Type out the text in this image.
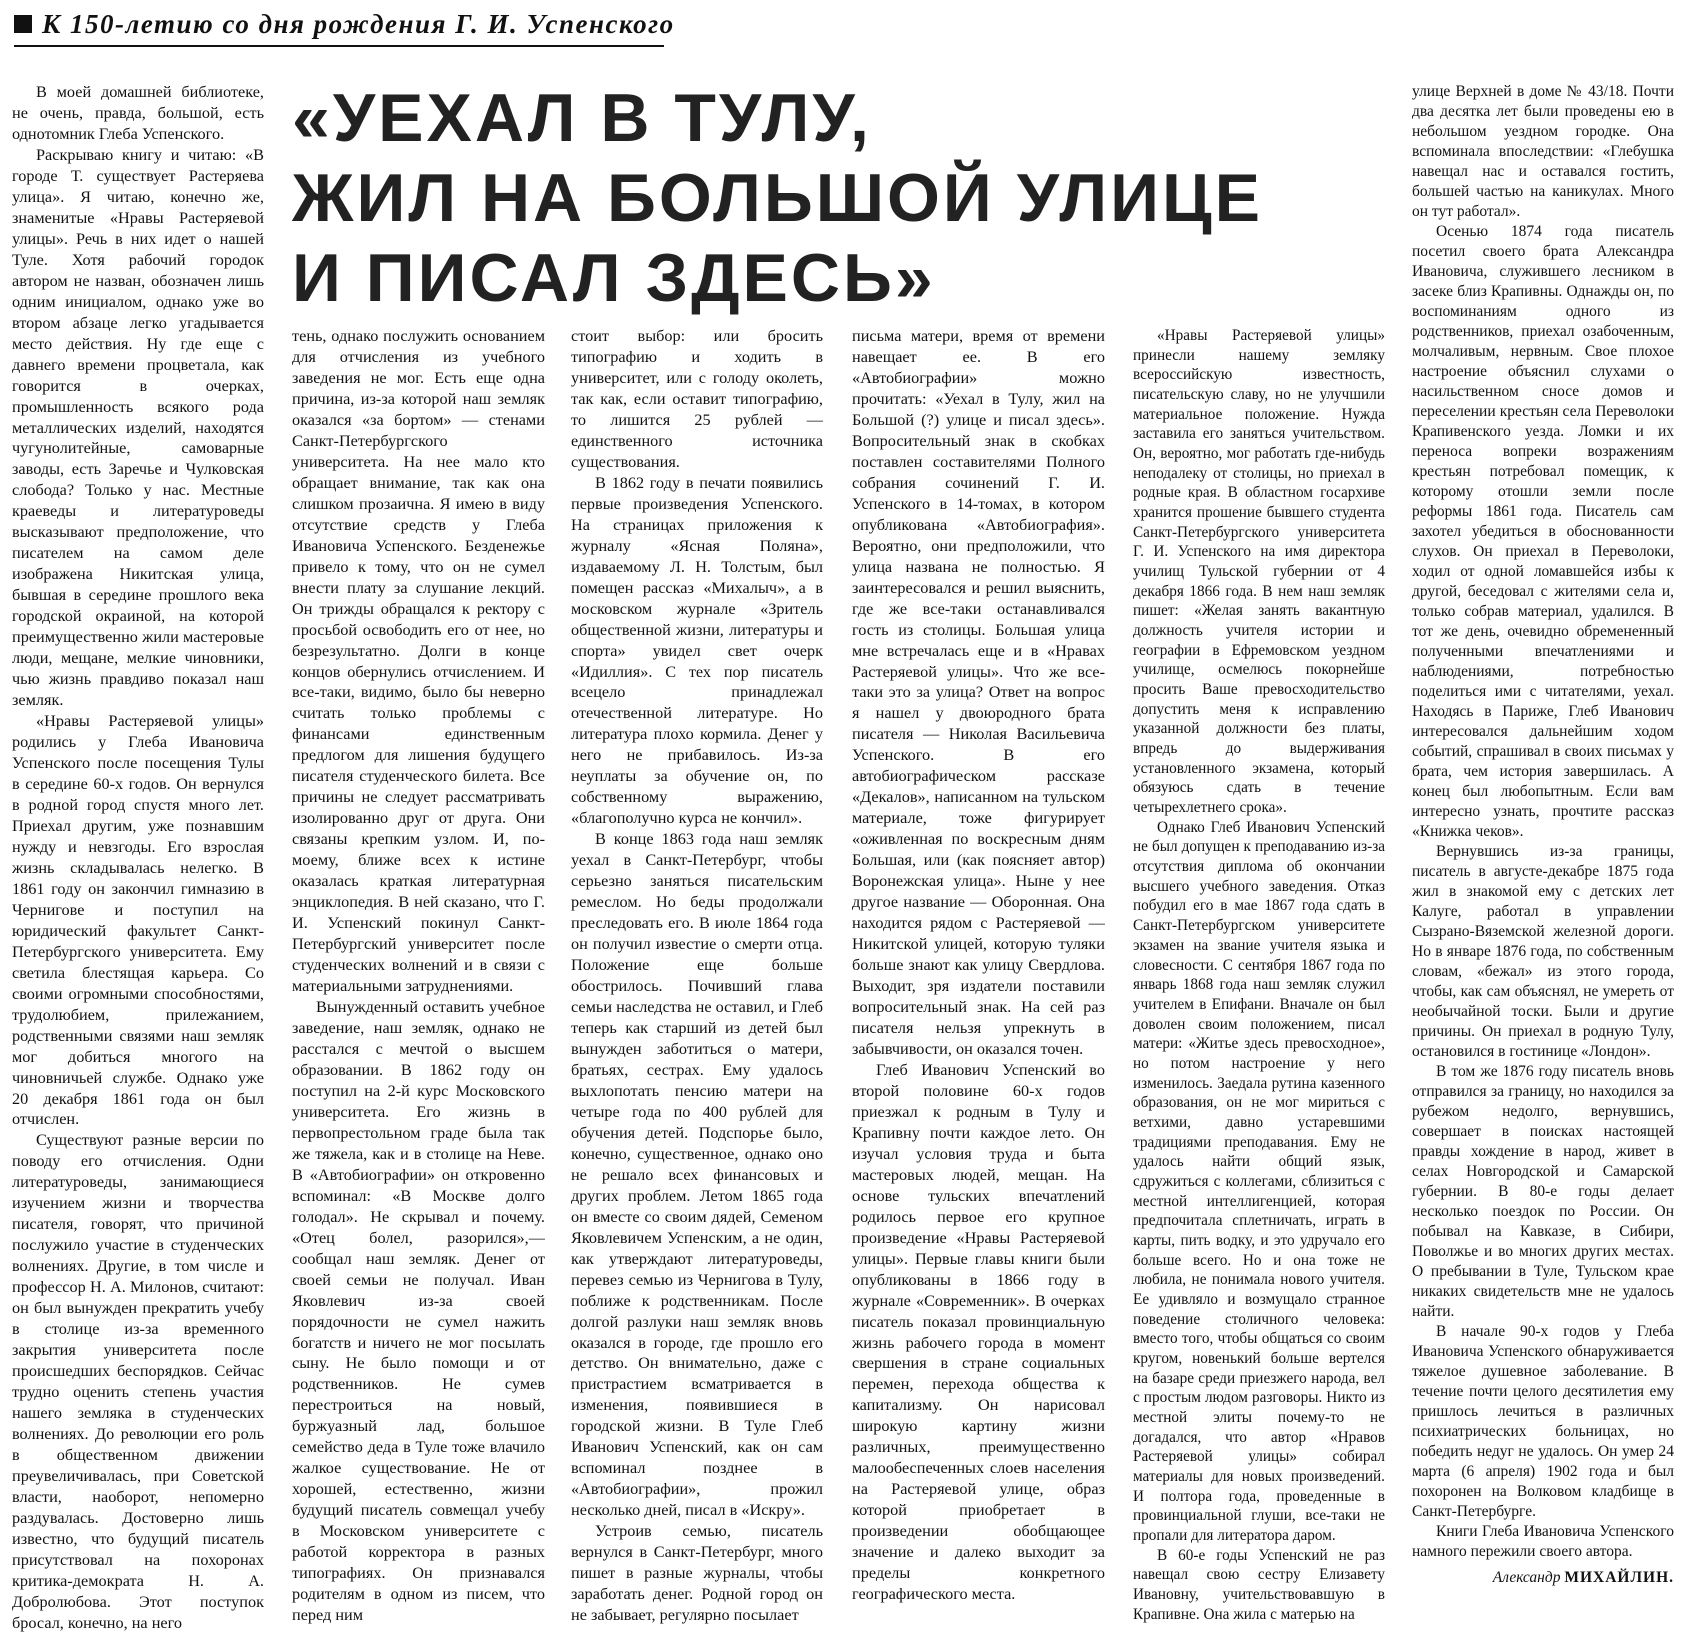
К 150-летию со дня рождения Г. И. Успенского
«УЕХАЛ В ТУЛУ,
ЖИЛ НА БОЛЬШОЙ УЛИЦЕ
И ПИСАЛ ЗДЕСЬ»

В моей домашней библиотеке, не очень, правда, большой, есть однотомник Глеба Успенского.

Раскрываю книгу и читаю: «В городе Т. существует Растеряева улица». Я читаю, конечно же, знаменитые «Нравы Растеряевой улицы». Речь в них идет о нашей Туле. Хотя рабочий городок автором не назван, обозначен лишь одним инициалом, однако уже во втором абзаце легко угадывается место действия. Ну где еще с давнего времени процветала, как говорится в очерках, промышленность всякого рода металлических изделий, находятся чугунолитейные, самоварные заводы, есть Заречье и Чулковская слобода? Только у нас. Местные краеведы и литературоведы высказывают предположение, что писателем на самом деле изображена Никитская улица, бывшая в середине прошлого века городской окраиной, на которой преимущественно жили мастеровые люди, мещане, мелкие чиновники, чью жизнь правдиво показал наш земляк.

«Нравы Растеряевой улицы» родились у Глеба Ивановича Успенского после посещения Тулы в середине 60-х годов. Он вернулся в родной город спустя много лет. Приехал другим, уже познавшим нужду и невзгоды. Его взрослая жизнь складывалась нелегко. В 1861 году он закончил гимназию в Чернигове и поступил на юридический факультет Санкт-Петербургского университета. Ему светила блестящая карьера. Со своими огромными способностями, трудолюбием, прилежанием, родственными связями наш земляк мог добиться многого на чиновничьей службе. Однако уже 20 декабря 1861 года он был отчислен.

Существуют разные версии по поводу его отчисления. Одни литературоведы, занимающиеся изучением жизни и творчества писателя, говорят, что причиной послужило участие в студенческих волнениях. Другие, в том числе и профессор Н. А. Милонов, считают: он был вынужден прекратить учебу в столице из-за временного закрытия университета после происшедших беспорядков. Сейчас трудно оценить степень участия нашего земляка в студенческих волнениях. До революции его роль в общественном движении преувеличивалась, при Советской власти, наоборот, непомерно раздувалась. Достоверно лишь известно, что будущий писатель присутствовал на похоронах критика-демократа Н. А. Добролюбова. Этот поступок бросал, конечно, на него

тень, однако послужить основанием для отчисления из учебного заведения не мог. Есть еще одна причина, из-за которой наш земляк оказался «за бортом» — стенами Санкт-Петербургского университета. На нее мало кто обращает внимание, так как она слишком прозаична. Я имею в виду отсутствие средств у Глеба Ивановича Успенского. Безденежье привело к тому, что он не сумел внести плату за слушание лекций. Он трижды обращался к ректору с просьбой освободить его от нее, но безрезультатно. Долги в конце концов обернулись отчислением. И все-таки, видимо, было бы неверно считать только проблемы с финансами единственным предлогом для лишения будущего писателя студенческого билета. Все причины не следует рассматривать изолированно друг от друга. Они связаны крепким узлом. И, по-моему, ближе всех к истине оказалась краткая литературная энциклопедия. В ней сказано, что Г. И. Успенский покинул Санкт-Петербургский университет после студенческих волнений и в связи с материальными затруднениями.

Вынужденный оставить учебное заведение, наш земляк, однако не расстался с мечтой о высшем образовании. В 1862 году он поступил на 2-й курс Московского университета. Его жизнь в первопрестольном граде была так же тяжела, как и в столице на Неве. В «Автобиографии» он откровенно вспоминал: «В Москве долго голодал». Не скрывал и почему. «Отец болел, разорился»,— сообщал наш земляк. Денег от своей семьи не получал. Иван Яковлевич из-за своей порядочности не сумел нажить богатств и ничего не мог посылать сыну. Не было помощи и от родственников. Не сумев перестроиться на новый, буржуазный лад, большое семейство деда в Туле тоже влачило жалкое существование. Не от хорошей, естественно, жизни будущий писатель совмещал учебу в Московском университете с работой корректора в разных типографиях. Он признавался родителям в одном из писем, что перед ним

стоит выбор: или бросить типографию и ходить в университет, или с голоду околеть, так как, если оставит типографию, то лишится 25 рублей — единственного источника существования.

В 1862 году в печати появились первые произведения Успенского. На страницах приложения к журналу «Ясная Поляна», издаваемому Л. Н. Толстым, был помещен рассказ «Михалыч», а в московском журнале «Зритель общественной жизни, литературы и спорта» увидел свет очерк «Идиллия». С тех пор писатель всецело принадлежал отечественной литературе. Но литература плохо кормила. Денег у него не прибавилось. Из-за неуплаты за обучение он, по собственному выражению, «благополучно курса не кончил».

В конце 1863 года наш земляк уехал в Санкт-Петербург, чтобы серьезно заняться писательским ремеслом. Но беды продолжали преследовать его. В июле 1864 года он получил известие о смерти отца. Положение еще больше обострилось. Почивший глава семьи наследства не оставил, и Глеб теперь как старший из детей был вынужден заботиться о матери, братьях, сестрах. Ему удалось выхлопотать пенсию матери на четыре года по 400 рублей для обучения детей. Подспорье было, конечно, существенное, однако оно не решало всех финансовых и других проблем. Летом 1865 года он вместе со своим дядей, Семеном Яковлевичем Успенским, а не один, как утверждают литературоведы, перевез семью из Чернигова в Тулу, поближе к родственникам. После долгой разлуки наш земляк вновь оказался в городе, где прошло его детство. Он внимательно, даже с пристрастием всматривается в изменения, появившиеся в городской жизни. В Туле Глеб Иванович Успенский, как он сам вспоминал позднее в «Автобиографии», прожил несколько дней, писал в «Искру».

Устроив семью, писатель вернулся в Санкт-Петербург, много пишет в разные журналы, чтобы заработать денег. Родной город он не забывает, регулярно посылает

письма матери, время от времени навещает ее. В его «Автобиографии» можно прочитать: «Уехал в Тулу, жил на Большой (?) улице и писал здесь». Вопросительный знак в скобках поставлен составителями Полного собрания сочинений Г. И. Успенского в 14-томах, в котором опубликована «Автобиография». Вероятно, они предположили, что улица названа не полностью. Я заинтересовался и решил выяснить, где же все-таки останавливался гость из столицы. Большая улица мне встречалась еще и в «Нравах Растеряевой улицы». Что же все-таки это за улица? Ответ на вопрос я нашел у двоюродного брата писателя — Николая Васильевича Успенского. В его автобиографическом рассказе «Декалов», написанном на тульском материале, тоже фигурирует «оживленная по воскресным дням Большая, или (как поясняет автор) Воронежская улица». Ныне у нее другое название — Оборонная. Она находится рядом с Растеряевой — Никитской улицей, которую туляки больше знают как улицу Свердлова. Выходит, зря издатели поставили вопросительный знак. На сей раз писателя нельзя упрекнуть в забывчивости, он оказался точен.

Глеб Иванович Успенский во второй половине 60-х годов приезжал к родным в Тулу и Крапивну почти каждое лето. Он изучал условия труда и быта мастеровых людей, мещан. На основе тульских впечатлений родилось первое его крупное произведение «Нравы Растеряевой улицы». Первые главы книги были опубликованы в 1866 году в журнале «Современник». В очерках писатель показал провинциальную жизнь рабочего города в момент свершения в стране социальных перемен, перехода общества к капитализму. Он нарисовал широкую картину жизни различных, преимущественно малообеспеченных слоев населения на Растеряевой улице, образ которой приобретает в произведении обобщающее значение и далеко выходит за пределы конкретного географического места.

«Нравы Растеряевой улицы» принесли нашему земляку всероссийскую известность, писательскую славу, но не улучшили материальное положение. Нужда заставила его заняться учительством. Он, вероятно, мог работать где-нибудь неподалеку от столицы, но приехал в родные края. В областном госархиве хранится прошение бывшего студента Санкт-Петербургского университета Г. И. Успенского на имя директора училищ Тульской губернии от 4 декабря 1866 года. В нем наш земляк пишет: «Желая занять вакантную должность учителя истории и географии в Ефремовском уездном училище, осмелюсь покорнейше просить Ваше превосходительство допустить меня к исправлению указанной должности без платы, впредь до выдерживания установленного экзамена, который обязуюсь сдать в течение четырехлетнего срока».

Однако Глеб Иванович Успенский не был допущен к преподаванию из-за отсутствия диплома об окончании высшего учебного заведения. Отказ побудил его в мае 1867 года сдать в Санкт-Петербургском университете экзамен на звание учителя языка и словесности. С сентября 1867 года по январь 1868 года наш земляк служил учителем в Епифани. Вначале он был доволен своим положением, писал матери: «Житье здесь превосходное», но потом настроение у него изменилось. Заедала рутина казенного образования, он не мог мириться с ветхими, давно устаревшими традициями преподавания. Ему не удалось найти общий язык, сдружиться с коллегами, сблизиться с местной интеллигенцией, которая предпочитала сплетничать, играть в карты, пить водку, и это удручало его больше всего. Но и она тоже не любила, не понимала нового учителя. Ее удивляло и возмущало странное поведение столичного человека: вместо того, чтобы общаться со своим кругом, новенький больше вертелся на базаре среди приезжего народа, вел с простым людом разговоры. Никто из местной элиты почему-то не догадался, что автор «Нравов Растеряевой улицы» собирал материалы для новых произведений. И полтора года, проведенные в провинциальной глуши, все-таки не пропали для литератора даром.

В 60-е годы Успенский не раз навещал свою сестру Елизавету Ивановну, учительствовавшую в Крапивне. Она жила с матерью на

улице Верхней в доме № 43/18. Почти два десятка лет были проведены ею в небольшом уездном городке. Она вспоминала впоследствии: «Глебушка навещал нас и оставался гостить, большей частью на каникулах. Много он тут работал».

Осенью 1874 года писатель посетил своего брата Александра Ивановича, служившего лесником в засеке близ Крапивны. Однажды он, по воспоминаниям одного из родственников, приехал озабоченным, молчаливым, нервным. Свое плохое настроение объяснил слухами о насильственном сносе домов и переселении крестьян села Переволоки Крапивенского уезда. Ломки и их переноса вопреки возражениям крестьян потребовал помещик, к которому отошли земли после реформы 1861 года. Писатель сам захотел убедиться в обоснованности слухов. Он приехал в Переволоки, ходил от одной ломавшейся избы к другой, беседовал с жителями села и, только собрав материал, удалился. В тот же день, очевидно обремененный полученными впечатлениями и наблюдениями, потребностью поделиться ими с читателями, уехал. Находясь в Париже, Глеб Иванович интересовался дальнейшим ходом событий, спрашивал в своих письмах у брата, чем история завершилась. А конец был любопытным. Если вам интересно узнать, прочтите рассказ «Книжка чеков».

Вернувшись из-за границы, писатель в августе-декабре 1875 года жил в знакомой ему с детских лет Калуге, работал в управлении Сызрано-Вяземской железной дороги. Но в январе 1876 года, по собственным словам, «бежал» из этого города, чтобы, как сам объяснял, не умереть от необычайной тоски. Были и другие причины. Он приехал в родную Тулу, остановился в гостинице «Лондон».

В том же 1876 году писатель вновь отправился за границу, но находился за рубежом недолго, вернувшись, совершает в поисках настоящей правды хождение в народ, живет в селах Новгородской и Самарской губернии. В 80-е годы делает несколько поездок по России. Он побывал на Кавказе, в Сибири, Поволжье и во многих других местах. О пребывании в Туле, Тульском крае никаких свидетельств мне не удалось найти.

В начале 90-х годов у Глеба Ивановича Успенского обнаруживается тяжелое душевное заболевание. В течение почти целого десятилетия ему пришлось лечиться в различных психиатрических больницах, но победить недуг не удалось. Он умер 24 марта (6 апреля) 1902 года и был похоронен на Волковом кладбище в Санкт-Петербурге.

Книги Глеба Ивановича Успенского намного пережили своего автора.

Александр МИХАЙЛИН.
